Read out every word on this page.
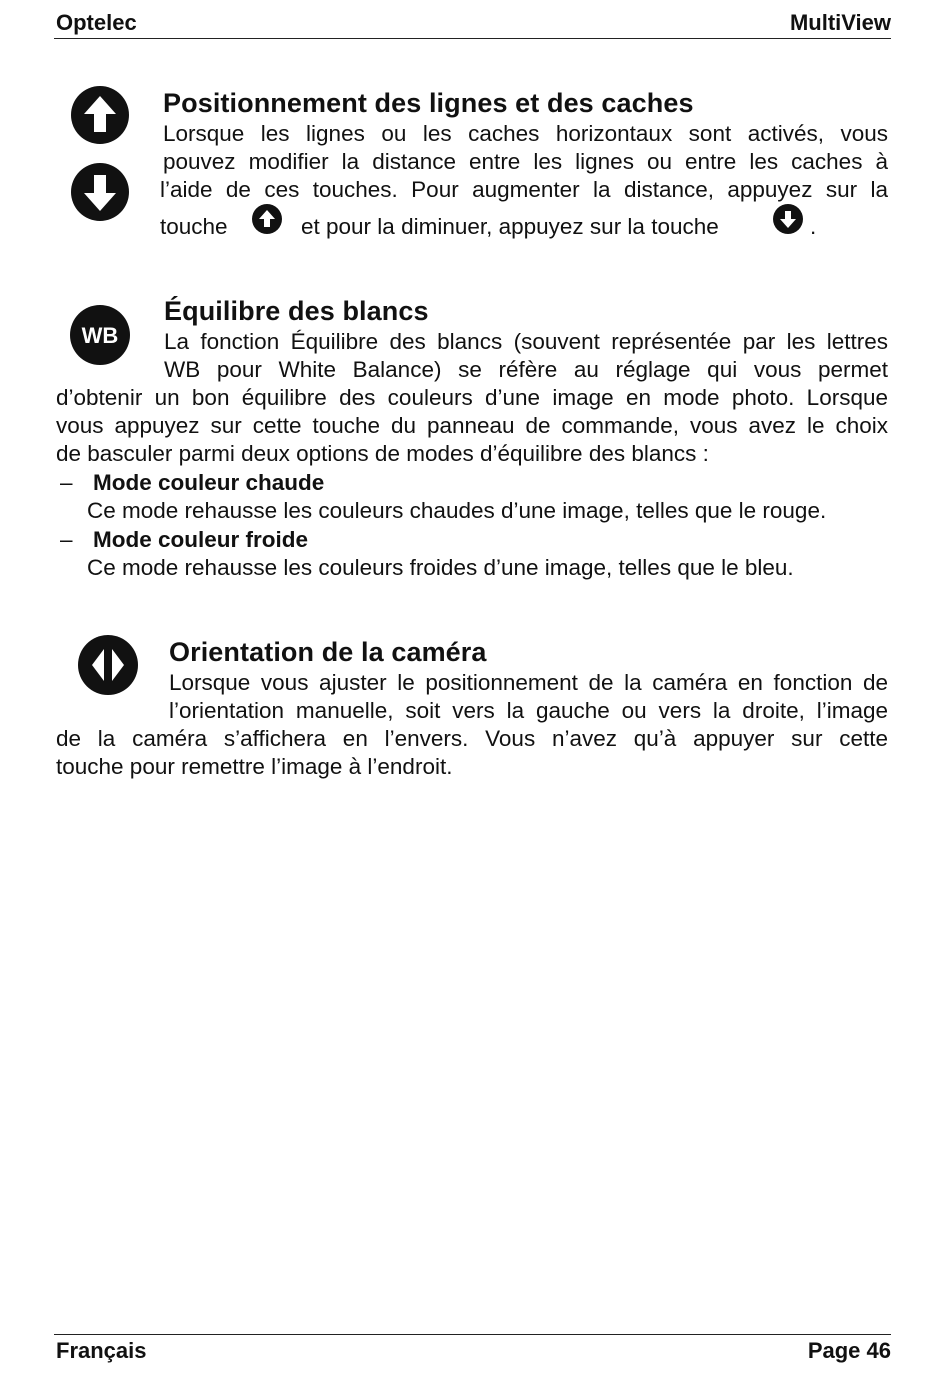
Optelec	MultiView
Positionnement des lignes et des caches
Lorsque les lignes ou les caches horizontaux sont activés, vous
pouvez modifier la distance entre les lignes ou entre les caches à
l’aide de ces touches. Pour augmenter la distance, appuyez sur la
touche	et pour la diminuer, appuyez sur la touche	.
WB
Équilibre des blancs
La fonction Équilibre des blancs (souvent représentée par les lettres
WB pour White Balance) se réfère au réglage qui vous permet
d’obtenir un bon équilibre des couleurs d’une image en mode photo. Lorsque
vous appuyez sur cette touche du panneau de commande, vous avez le choix
de basculer parmi deux options de modes d’équilibre des blancs :
– Mode couleur chaude
Ce mode rehausse les couleurs chaudes d’une image, telles que le rouge.
– Mode couleur froide
Ce mode rehausse les couleurs froides d’une image, telles que le bleu.
Orientation de la caméra
Lorsque vous ajuster le positionnement de la caméra en fonction de
l’orientation manuelle, soit vers la gauche ou vers la droite, l’image
de la caméra s’affichera en l’envers. Vous n’avez qu’à appuyer sur cette
touche pour remettre l’image à l’endroit.
Français	Page 46
